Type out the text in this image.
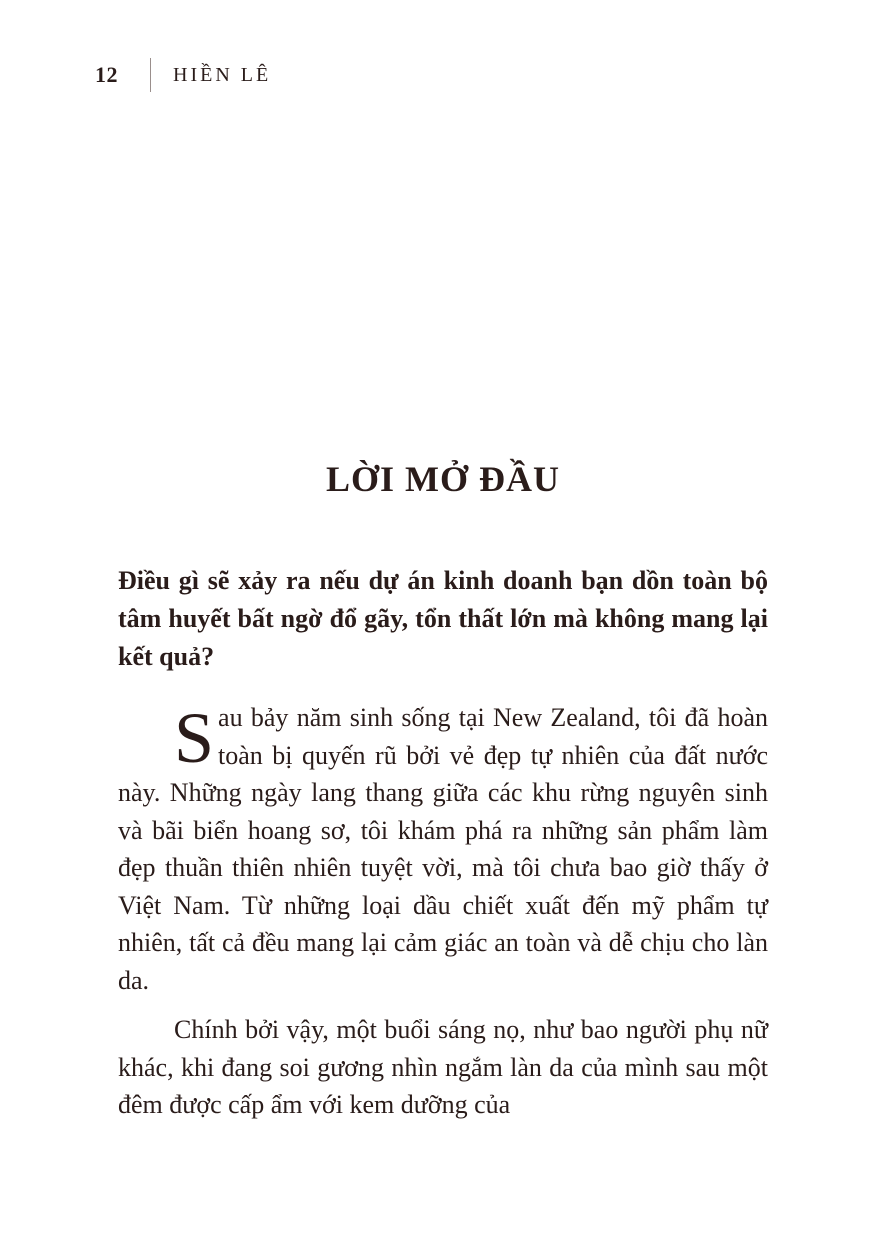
12	HIỀN LÊ
LỜI MỞ ĐẦU

Điều gì sẽ xảy ra nếu dự án kinh doanh bạn dồn toàn bộ tâm huyết bất ngờ đổ gãy, tổn thất lớn mà không mang lại kết quả?

Sau bảy năm sinh sống tại New Zealand, tôi đã hoàn toàn bị quyến rũ bởi vẻ đẹp tự nhiên của đất nước này. Những ngày lang thang giữa các khu rừng nguyên sinh và bãi biển hoang sơ, tôi khám phá ra những sản phẩm làm đẹp thuần thiên nhiên tuyệt vời, mà tôi chưa bao giờ thấy ở Việt Nam. Từ những loại dầu chiết xuất đến mỹ phẩm tự nhiên, tất cả đều mang lại cảm giác an toàn và dễ chịu cho làn da.

Chính bởi vậy, một buổi sáng nọ, như bao người phụ nữ khác, khi đang soi gương nhìn ngắm làn da của mình sau một đêm được cấp ẩm với kem dưỡng của
